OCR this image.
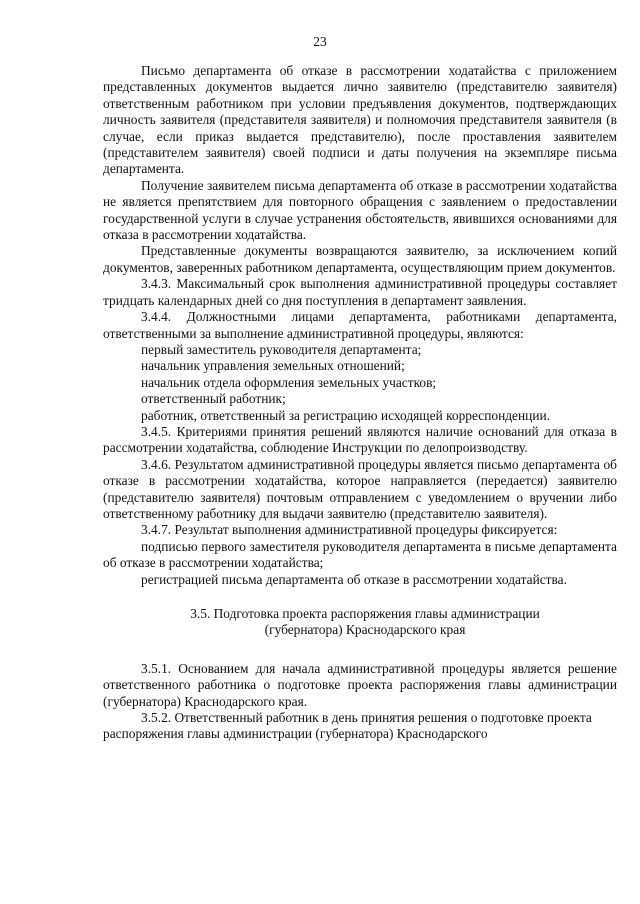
23

Письмо департамента об отказе в рассмотрении ходатайства с приложением представленных документов выдается лично заявителю (представителю заявителя) ответственным работником при условии предъявления документов, подтверждающих личность заявителя (представителя заявителя) и полномочия представителя заявителя (в случае, если приказ выдается представителю), после проставления заявителем (представителем заявителя) своей подписи и даты получения на экземпляре письма департамента.

Получение заявителем письма департамента об отказе в рассмотрении ходатайства не является препятствием для повторного обращения с заявлением о предоставлении государственной услуги в случае устранения обстоятельств, явившихся основаниями для отказа в рассмотрении ходатайства.

Представленные документы возвращаются заявителю, за исключением копий документов, заверенных работником департамента, осуществляющим прием документов.

3.4.3. Максимальный срок выполнения административной процедуры составляет тридцать календарных дней со дня поступления в департамент заявления.

3.4.4. Должностными лицами департамента, работниками департамента, ответственными за выполнение административной процедуры, являются:

первый заместитель руководителя департамента;

начальник управления земельных отношений;

начальник отдела оформления земельных участков;

ответственный работник;

работник, ответственный за регистрацию исходящей корреспонденции.

3.4.5. Критериями принятия решений являются наличие оснований для отказа в рассмотрении ходатайства, соблюдение Инструкции по делопроизводству.

3.4.6. Результатом административной процедуры является письмо департамента об отказе в рассмотрении ходатайства, которое направляется (передается) заявителю (представителю заявителя) почтовым отправлением с уведомлением о вручении либо ответственному работнику для выдачи заявителю (представителю заявителя).

3.4.7. Результат выполнения административной процедуры фиксируется:

подписью первого заместителя руководителя департамента в письме департамента об отказе в рассмотрении ходатайства;

регистрацией письма департамента об отказе в рассмотрении ходатайства.

3.5. Подготовка проекта распоряжения главы администрации
(губернатора) Краснодарского края

3.5.1. Основанием для начала административной процедуры является решение ответственного работника о подготовке проекта распоряжения главы администрации (губернатора) Краснодарского края.

3.5.2. Ответственный работник в день принятия решения о подготовке проекта распоряжения главы администрации (губернатора) Краснодарского
